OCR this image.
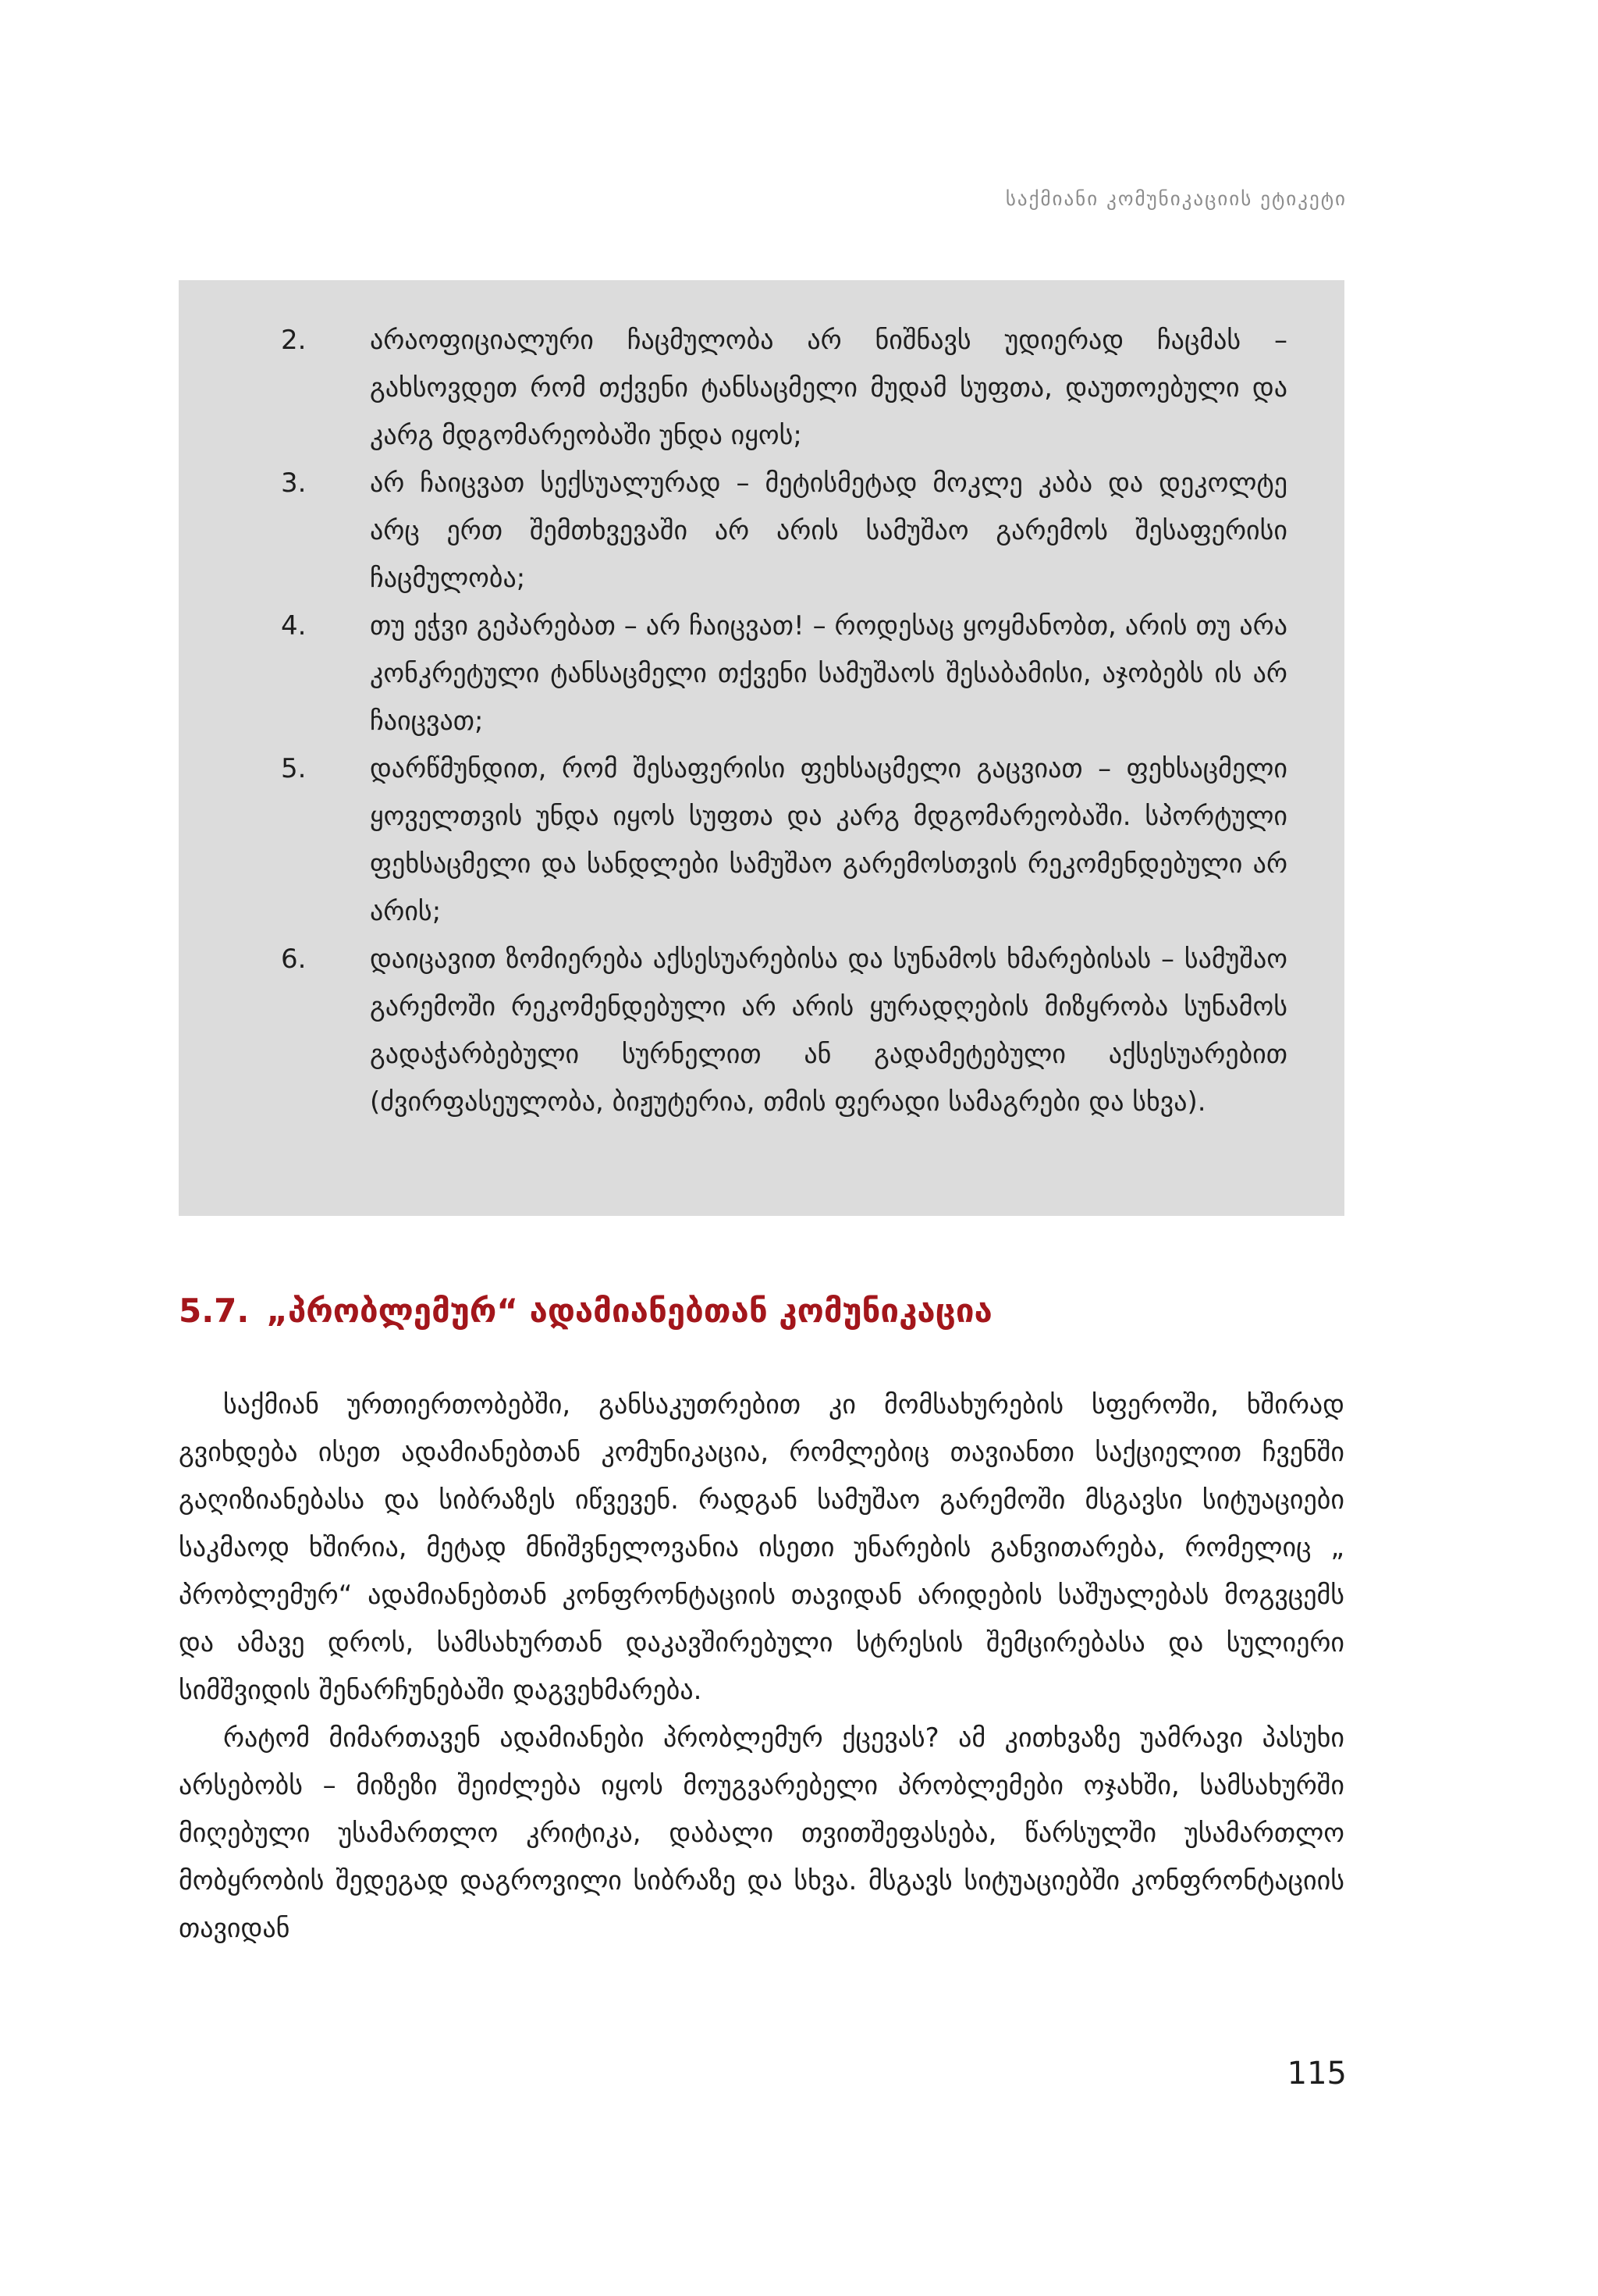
საქმიანი კომუნიკაციის ეტიკეტი
2. არაოფიციალური ჩაცმულობა არ ნიშნავს უდიერად ჩაცმას – გახსოვდეთ რომ თქვენი ტანსაცმელი მუდამ სუფთა, დაუთოებული და კარგ მდგომარეობაში უნდა იყოს;
3. არ ჩაიცვათ სექსუალურად – მეტისმეტად მოკლე კაბა და დეკოლტე არც ერთ შემთხვევაში არ არის სამუშაო გარემოს შესაფერისი ჩაცმულობა;
4. თუ ეჭვი გეპარებათ – არ ჩაიცვათ! – როდესაც ყოყმანობთ, არის თუ არა კონკრეტული ტანსაცმელი თქვენი სამუშაოს შესაბამისი, აჯობებს ის არ ჩაიცვათ;
5. დარწმუნდით, რომ შესაფერისი ფეხსაცმელი გაცვიათ – ფეხსაცმელი ყოველთვის უნდა იყოს სუფთა და კარგ მდგომარეობაში. სპორტული ფეხსაცმელი და სანდლები სამუშაო გარემოსთვის რეკომენდებული არ არის;
6. დაიცავით ზომიერება აქსესუარებისა და სუნამოს ხმარებისას – სამუშაო გარემოში რეკომენდებული არ არის ყურადღების მიზყრობა სუნამოს გადაჭარბებული სურნელით ან გადამეტებული აქსესუარებით (ძვირფასეულობა, ბიჟუტერია, თმის ფერადი სამაგრები და სხვა).
5.7. „პრობლემურ“ ადამიანებთან კომუნიკაცია

საქმიან ურთიერთობებში, განსაკუთრებით კი მომსახურების სფეროში, ხშირად გვიხდება ისეთ ადამიანებთან კომუნიკაცია, რომლებიც თავიანთი საქციელით ჩვენში გაღიზიანებასა და სიბრაზეს იწვევენ. რადგან სამუშაო გარემოში მსგავსი სიტუაციები საკმაოდ ხშირია, მეტად მნიშვნელოვანია ისეთი უნარების განვითარება, რომელიც „ პრობლემურ“ ადამიანებთან კონფრონტაციის თავიდან არიდების საშუალებას მოგვცემს და ამავე დროს, სამსახურთან დაკავშირებული სტრესის შემცირებასა და სულიერი სიმშვიდის შენარჩუნებაში დაგვეხმარება.

რატომ მიმართავენ ადამიანები პრობლემურ ქცევას? ამ კითხვაზე უამრავი პასუხი არსებობს – მიზეზი შეიძლება იყოს მოუგვარებელი პრობლემები ოჯახში, სამსახურში მიღებული უსამართლო კრიტიკა, დაბალი თვითშეფასება, წარსულში უსამართლო მობყრობის შედეგად დაგროვილი სიბრაზე და სხვა. მსგავს სიტუაციებში კონფრონტაციის თავიდან

115
